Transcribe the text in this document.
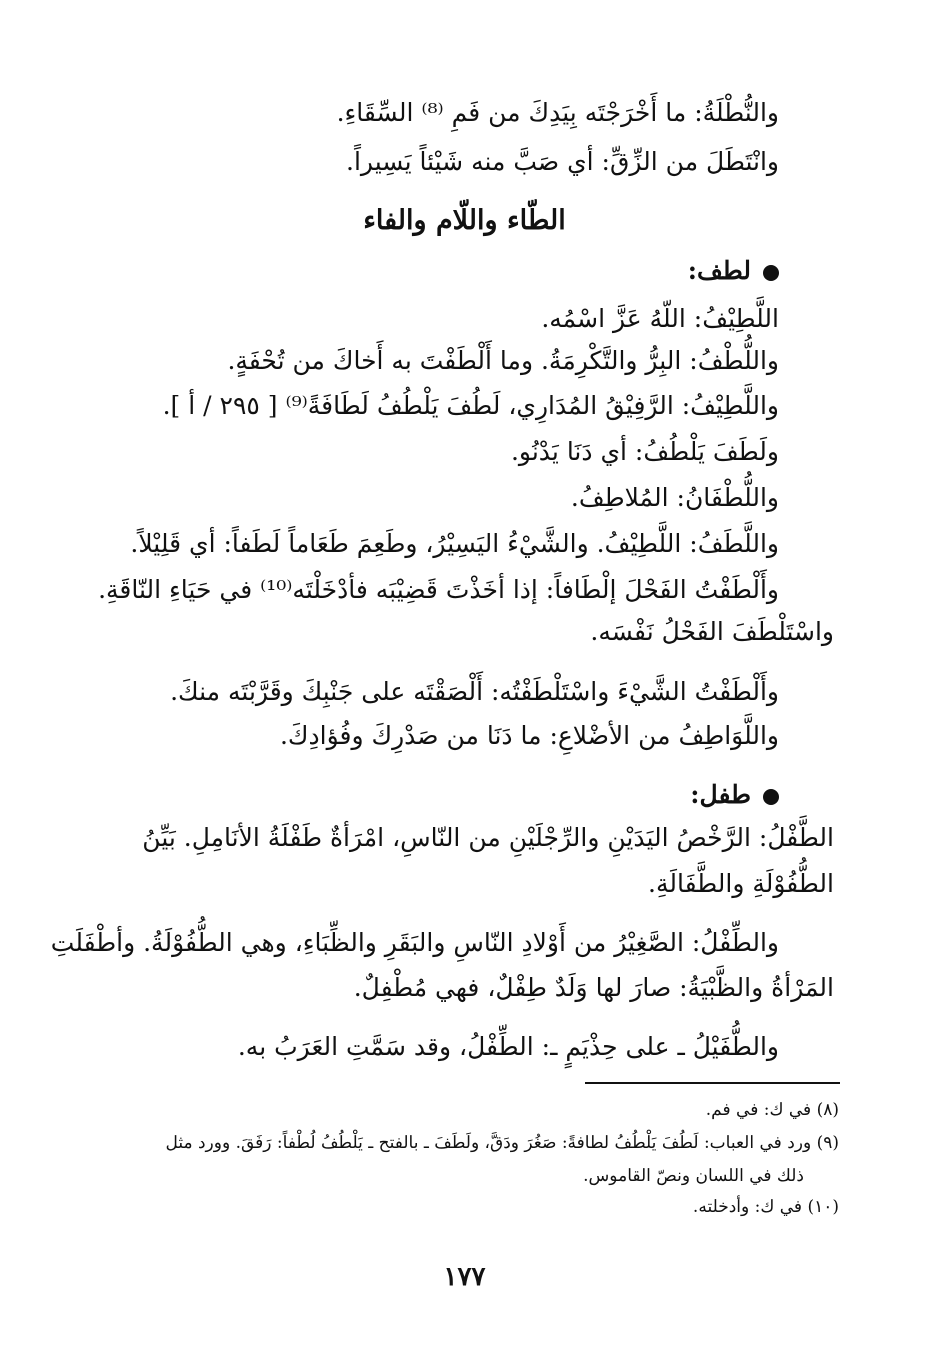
والنُّطْلَةُ: ما أَخْرَجْتَه بِيَدِكَ من فَمِ ⁽⁸⁾ السِّقَاءِ.
وانْتَطَلَ من الزِّقِّ: أي صَبَّ منه شَيْئاً يَسِيراً.
الطّاء واللّام والفاء
لطف:
اللَّطِيْفُ: اللّهُ عَزَّ اسْمُه.
واللُّطْفُ: البِرُّ والتَّكْرِمَةُ. وما أَلْطَفْتَ به أَخاكَ من تُحْفَةٍ.
واللَّطِيْفُ: الرَّفِيْقُ المُدَارِي، لَطُفَ يَلْطُفُ لَطَافَةً⁽⁹⁾ [ ٢٩٥ / أ ].
ولَطَفَ يَلْطُفُ: أي دَنَا يَدْنُو.
واللُّطْفَانُ: المُلاطِفُ.
واللَّطَفُ: اللَّطِيْفُ. والشَّيْءُ اليَسِيْرُ، وطَعِمَ طَعَاماً لَطَفاً: أي قَلِيْلاً.
وأَلْطَفْتُ الفَحْلَ إلْطَافاً: إذا أخَذْتَ قَضِيْبَه فأدْخَلْتَه⁽¹⁰⁾ في حَيَاءِ النّاقَةِ.
واسْتَلْطَفَ الفَحْلُ نَفْسَه.
وأَلْطَفْتُ الشَّيْءَ واسْتَلْطَفْتُه: أَلْصَقْتَه على جَنْبِكَ وقَرَّبْتَه منكَ.
واللَّوَاطِفُ من الأضْلاعِ: ما دَنَا من صَدْرِكَ وفُؤادِكَ.
طفل:
الطَّفْلُ: الرَّخْصُ اليَدَيْنِ والرِّجْلَيْنِ من النّاسِ، امْرَأةٌ طَفْلَةُ الأنَامِلِ. بَيِّنُ
الطُّفُوْلَةِ والطَّفَالَةِ.
والطِّفْلُ: الصَّغِيْرُ من أَوْلادِ النّاسِ والبَقَرِ والظِّبَاءِ، وهي الطُّفُوْلَةُ. وأطْفَلَتِ
المَرْأةُ والظَّبْيَةُ: صارَ لها وَلَدٌ طِفْلٌ، فهي مُطْفِلٌ.
والطُّفَيْلُ ـ على حِذْيَمٍ ـ: الطِّفْلُ، وقد سَمَّتِ العَرَبُ به.
(٨) في ك: في فم.
(٩) ورد في العباب: لَطُفَ يَلْطُفُ لطافةً: صَغُرَ ودَقَّ، ولَطَفَ ـ بالفتح ـ يَلْطُفُ لُطْفاً: رَفَقَ. وورد مثل
ذلك في اللسان ونصّ القاموس.
(١٠) في ك: وأدخلته.
١٧٧
